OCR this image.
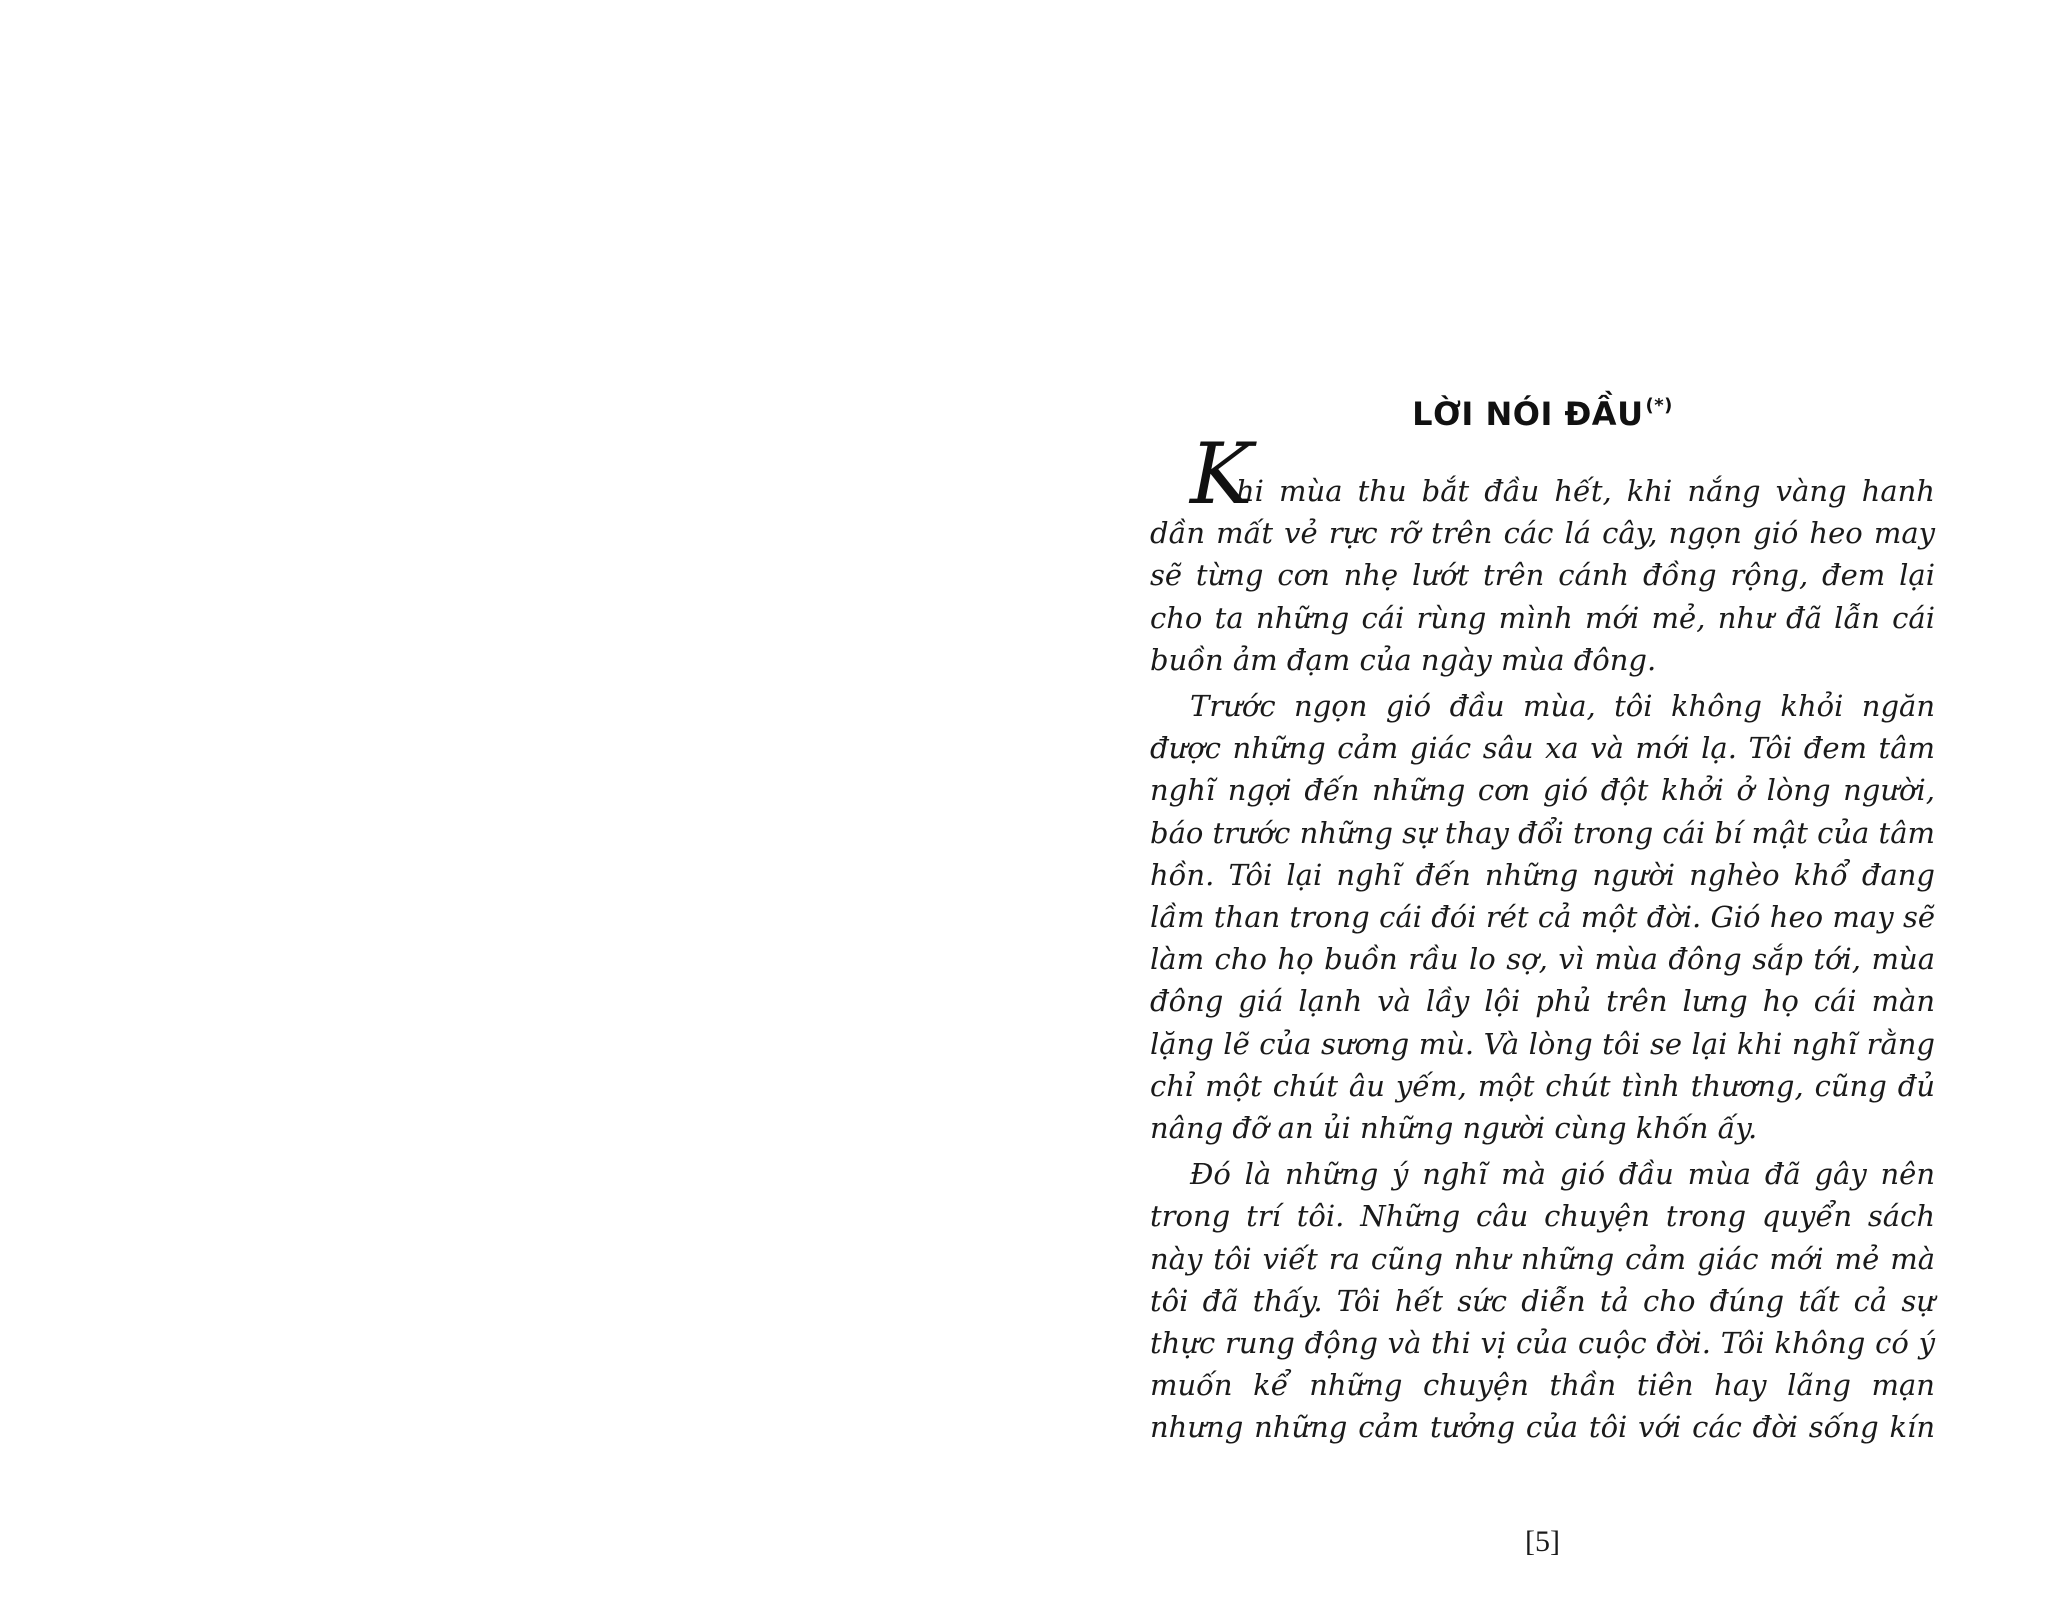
LỜI NÓI ĐẦU (*)
K
hi mùa thu bắt đầu hết, khi nắng vàng hanh
dần mất vẻ rực rỡ trên các lá cây, ngọn gió heo may
sẽ từng cơn nhẹ lướt trên cánh đồng rộng, đem lại
cho ta những cái rùng mình mới mẻ, như đã lẫn cái
buồn ảm đạm của ngày mùa đông.
Trước ngọn gió đầu mùa, tôi không khỏi ngăn
được những cảm giác sâu xa và mới lạ. Tôi đem tâm
nghĩ ngợi đến những cơn gió đột khởi ở lòng người,
báo trước những sự thay đổi trong cái bí mật của tâm
hồn. Tôi lại nghĩ đến những người nghèo khổ đang
lầm than trong cái đói rét cả một đời. Gió heo may sẽ
làm cho họ buồn rầu lo sợ, vì mùa đông sắp tới, mùa
đông giá lạnh và lầy lội phủ trên lưng họ cái màn
lặng lẽ của sương mù. Và lòng tôi se lại khi nghĩ rằng
chỉ một chút âu yếm, một chút tình thương, cũng đủ
nâng đỡ an ủi những người cùng khốn ấy.
Đó là những ý nghĩ mà gió đầu mùa đã gây nên
trong trí tôi. Những câu chuyện trong quyển sách
này tôi viết ra cũng như những cảm giác mới mẻ mà
tôi đã thấy. Tôi hết sức diễn tả cho đúng tất cả sự
thực rung động và thi vị của cuộc đời. Tôi không có ý
muốn kể những chuyện thần tiên hay lãng mạn
nhưng những cảm tưởng của tôi với các đời sống kín
[5]
